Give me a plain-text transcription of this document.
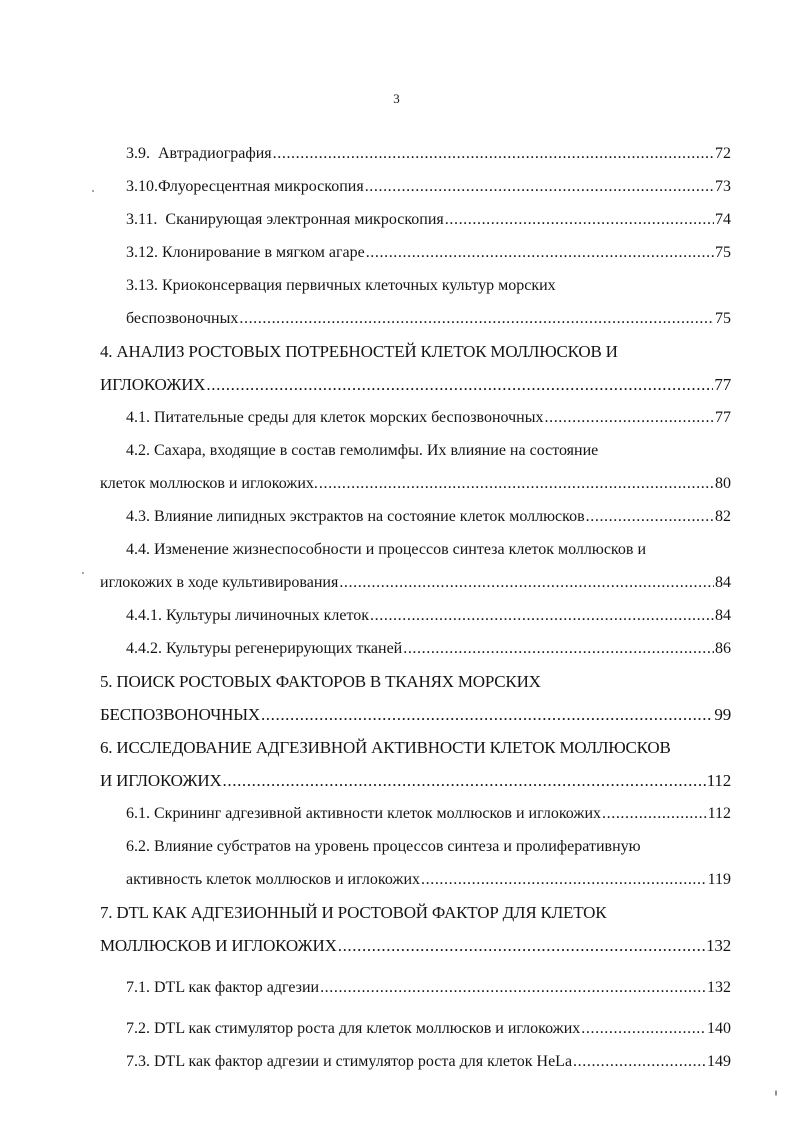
3
3.9. Автрадиография .....	72
3.10.Флуоресцентная микроскопия .....	73
3.11. Сканирующая электронная микроскопия .....	74
3.12. Клонирование в мягком агаре .....	75
3.13. Криоконсервация первичных клеточных культур морских
беспозвоночных .....	75
4. АНАЛИЗ РОСТОВЫХ ПОТРЕБНОСТЕЙ КЛЕТОК МОЛЛЮСКОВ И
ИГЛОКОЖИХ .....	77
4.1. Питательные среды для клеток морских беспозвоночных .....	77
4.2. Сахара, входящие в состав гемолимфы. Их влияние на состояние
клеток моллюсков и иглокожих. .....	80
4.3. Влияние липидных экстрактов на состояние клеток моллюсков .....	82
4.4. Изменение жизнеспособности и процессов синтеза клеток моллюсков и
иглокожих в ходе культивирования .....	84
4.4.1. Культуры личиночных клеток .....	84
4.4.2. Культуры регенерирующих тканей .....	86
5. ПОИСК РОСТОВЫХ ФАКТОРОВ В ТКАНЯХ МОРСКИХ
БЕСПОЗВОНОЧНЫХ .....	99
6. ИССЛЕДОВАНИЕ АДГЕЗИВНОЙ АКТИВНОСТИ КЛЕТОК МОЛЛЮСКОВ
И ИГЛОКОЖИХ .....	112
6.1. Скрининг адгезивной активности клеток моллюсков и иглокожих .....	112
6.2. Влияние субстратов на уровень процессов синтеза и пролиферативную
активность клеток моллюсков и иглокожих .....	119
7. DTL КАК АДГЕЗИОННЫЙ И РОСТОВОЙ ФАКТОР ДЛЯ КЛЕТОК
МОЛЛЮСКОВ И ИГЛОКОЖИХ .....	132
7.1. DTL как фактор адгезии .....	132
7.2. DTL как стимулятор роста для клеток моллюсков и иглокожих .....	140
7.3. DTL как фактор адгезии и стимулятор роста для клеток HeLa .....	149
